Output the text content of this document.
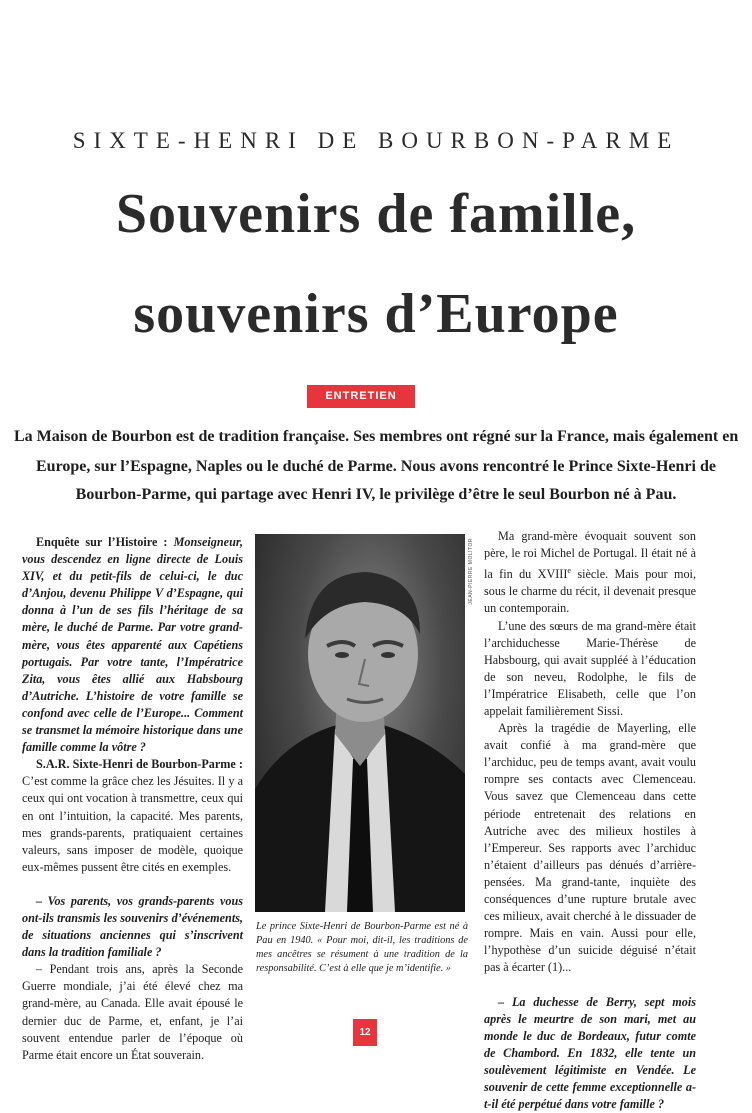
SIXTE-HENRI DE BOURBON-PARME
Souvenirs de famille,
souvenirs d’Europe
ENTRETIEN
La Maison de Bourbon est de tradition française. Ses membres ont régné sur la France, mais également en
Europe, sur l’Espagne, Naples ou le duché de Parme. Nous avons rencontré le Prince Sixte-Henri de
Bourbon-Parme, qui partage avec Henri IV, le privilège d’être le seul Bourbon né à Pau.

Enquête sur l’Histoire : Monseigneur, vous descendez en ligne directe de Louis XIV, et du petit-fils de celui-ci, le duc d’Anjou, devenu Philippe V d’Espagne, qui donna à l’un de ses fils l’héritage de sa mère, le duché de Parme. Par votre grand-mère, vous êtes apparenté aux Capétiens portugais. Par votre tante, l’Impératrice Zita, vous êtes allié aux Habsbourg d’Autriche. L’histoire de votre famille se confond avec celle de l’Europe... Comment se transmet la mémoire historique dans une famille comme la vôtre ?

S.A.R. Sixte-Henri de Bourbon-Parme : C’est comme la grâce chez les Jésuites. Il y a ceux qui ont vocation à transmettre, ceux qui en ont l’intuition, la capacité. Mes parents, mes grands-parents, pratiquaient certaines valeurs, sans imposer de modèle, quoique eux-mêmes pussent être cités en exemples.

– Vos parents, vos grands-parents vous ont-ils transmis les souvenirs d’événements, de situations anciennes qui s’inscrivent dans la tradition familiale ?

– Pendant trois ans, après la Seconde Guerre mondiale, j’ai été élevé chez ma grand-mère, au Canada. Elle avait épousé le dernier duc de Parme, et, enfant, je l’ai souvent entendue parler de l’époque où Parme était encore un État souverain.

JEAN-PIERRE MOLITOR
Le prince Sixte-Henri de Bourbon-Parme est né à Pau en 1940. « Pour moi, dit-il, les traditions de mes ancêtres se résument à une tradition de la responsabilité. C’est à elle que je m’identifie. »

Ma grand-mère évoquait souvent son père, le roi Michel de Portugal. Il était né à la fin du XVIIIe siècle. Mais pour moi, sous le charme du récit, il devenait presque un contemporain.

L’une des sœurs de ma grand-mère était l’archiduchesse Marie-Thérèse de Habsbourg, qui avait suppléé à l’éducation de son neveu, Rodolphe, le fils de l’Impératrice Elisabeth, celle que l’on appelait familièrement Sissi.

Après la tragédie de Mayerling, elle avait confié à ma grand-mère que l’archiduc, peu de temps avant, avait voulu rompre ses contacts avec Clemenceau. Vous savez que Clemenceau dans cette période entretenait des relations en Autriche avec des milieux hostiles à l’Empereur. Ses rapports avec l’archiduc n’étaient d’ailleurs pas dénués d’arrière-pensées. Ma grand-tante, inquiète des conséquences d’une rupture brutale avec ces milieux, avait cherché à le dissuader de rompre. Mais en vain. Aussi pour elle, l’hypothèse d’un suicide déguisé n’était pas à écarter (1)...

– La duchesse de Berry, sept mois après le meurtre de son mari, met au monde le duc de Bordeaux, futur comte de Chambord. En 1832, elle tente un soulèvement légitimiste en Vendée. Le souvenir de cette femme exceptionnelle a-t-il été perpétué dans votre famille ?

12
